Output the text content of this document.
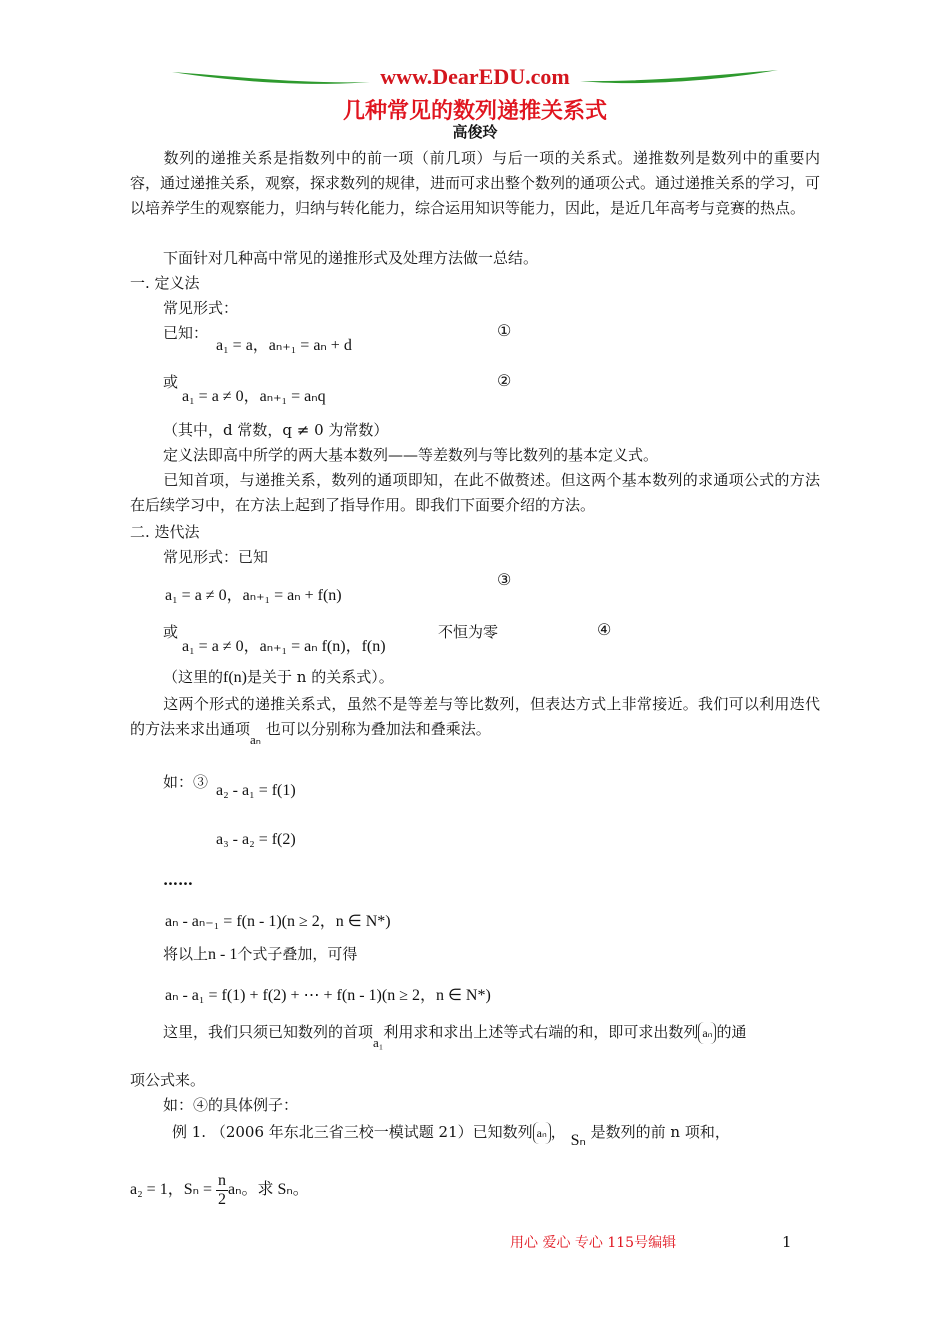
www.DearEDU.com
几种常见的数列递推关系式
高俊玲
数列的递推关系是指数列中的前一项（前几项）与后一项的关系式。递推数列是数列中的重要内容，通过递推关系，观察，探求数列的规律，进而可求出整个数列的通项公式。通过递推关系的学习，可以培养学生的观察能力，归纳与转化能力，综合运用知识等能力，因此，是近几年高考与竞赛的热点。
下面针对几种高中常见的递推形式及处理方法做一总结。
一. 定义法
常见形式：
已知：
a₁ = a，aₙ₊₁ = aₙ + d
①
或
a₁ = a ≠ 0，aₙ₊₁ = aₙq
②
（其中，d 常数，q ≠ 0 为常数）
定义法即高中所学的两大基本数列——等差数列与等比数列的基本定义式。
已知首项，与递推关系，数列的通项即知，在此不做赘述。但这两个基本数列的求通项公式的方法在后续学习中，在方法上起到了指导作用。即我们下面要介绍的方法。
二. 迭代法
常见形式：已知
a₁ = a ≠ 0，aₙ₊₁ = aₙ + f(n)
③
或
a₁ = a ≠ 0，aₙ₊₁ = aₙ f(n)，f(n)
不恒为零	④
（这里的f(n)是关于 n 的关系式）。
这两个形式的递推关系式，虽然不是等差与等比数列，但表达方式上非常接近。我们可以利用迭代的方法来求出通项aₙ 也可以分别称为叠加法和叠乘法。
如：③ a₂ - a₁ = f(1)
a₃ - a₂ = f(2)
……
aₙ - aₙ₋₁ = f(n - 1)(n ≥ 2，n ∈ N*)
将以上n - 1个式子叠加，可得
aₙ - a₁ = f(1) + f(2) + ⋯ + f(n - 1)(n ≥ 2，n ∈ N*)
这里，我们只须已知数列的首项a₁利用求和求出上述等式右端的和，即可求出数列 aₙ 的通
项公式来。
如：④的具体例子：
例 1. （2006 年东北三省三校一模试题 21）已知数列 aₙ ， Sₙ 是数列的前 n 项和，
a₂ = 1，$S_n = \frac{n}{2}$ aₙ。求 Sₙ。
用心 爱心 专心 115号编辑	1
